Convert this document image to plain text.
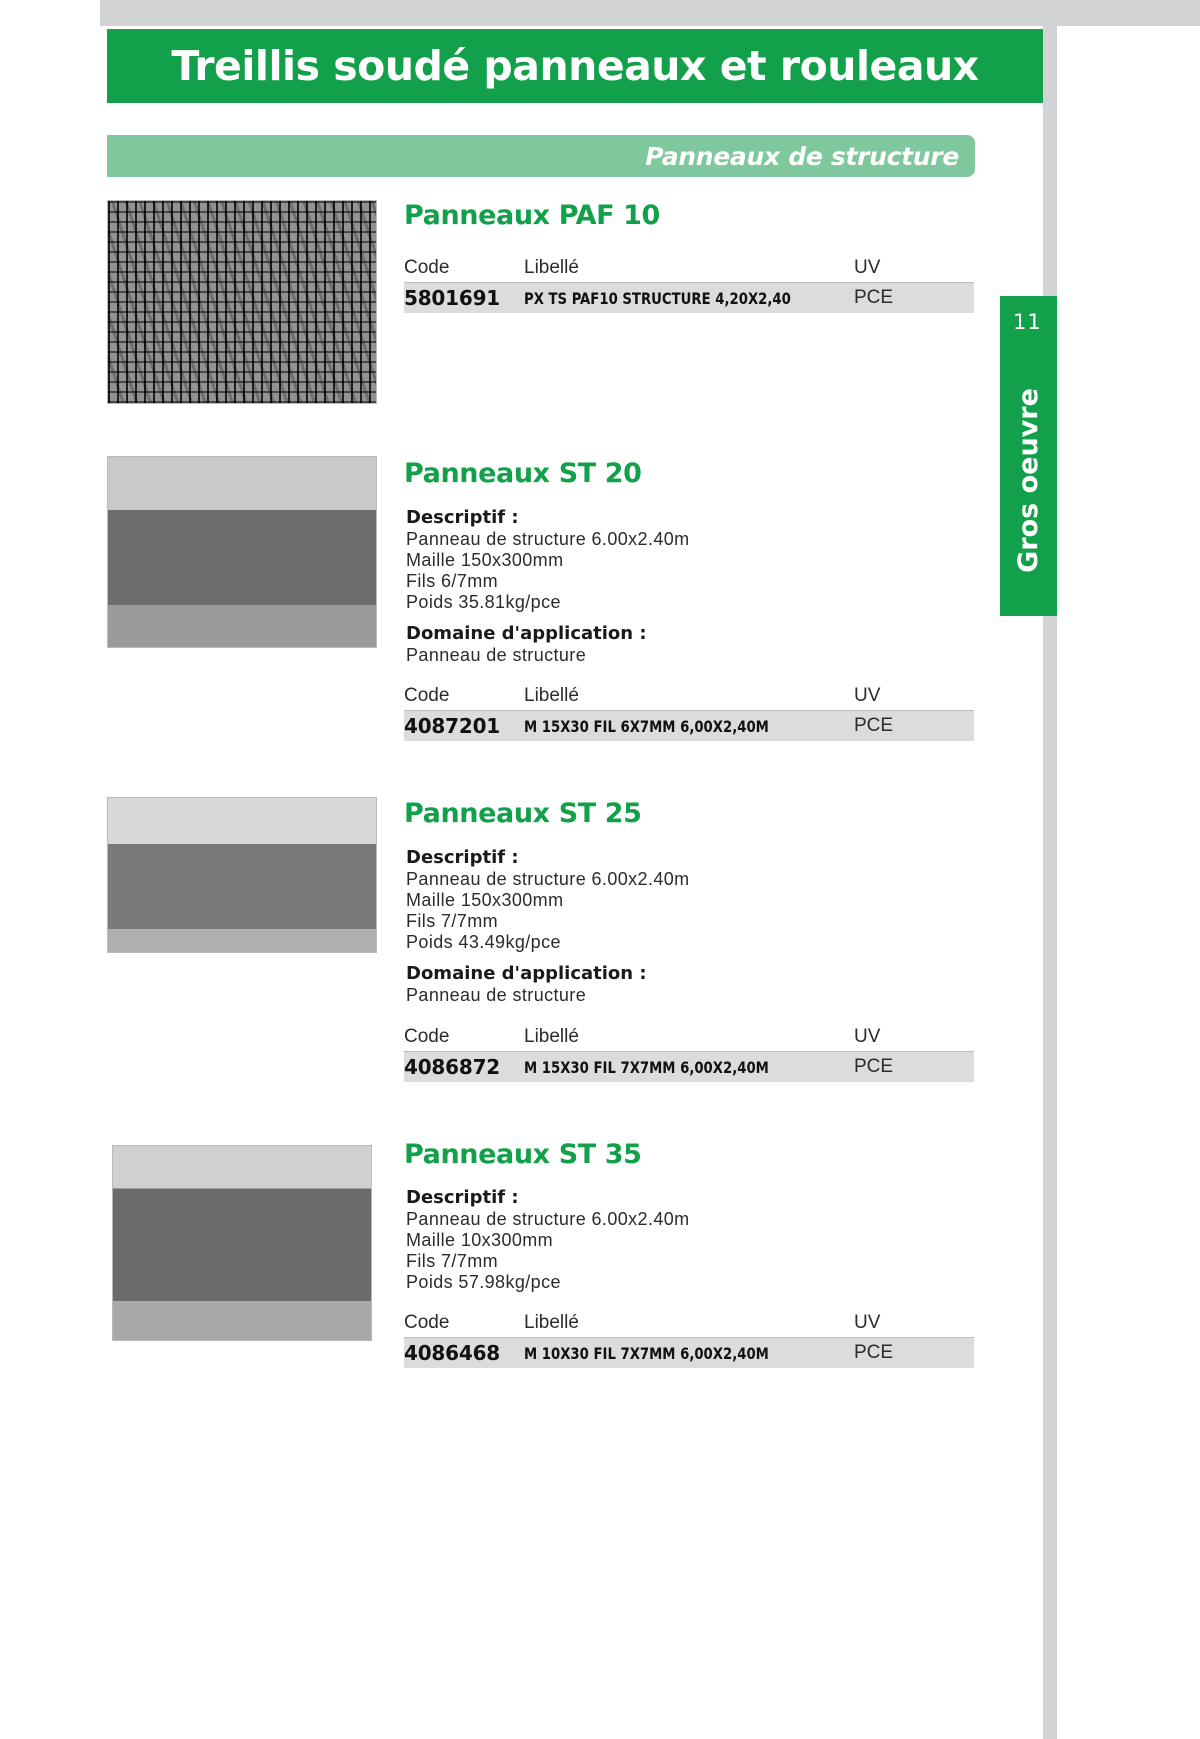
Treillis soudé panneaux et rouleaux
Panneaux de structure
11
Gros oeuvre
Panneaux PAF 10
Code	Libellé	UV
5801691	PX TS PAF10 STRUCTURE 4,20X2,40	PCE
Panneaux ST 20
Descriptif :
Panneau de structure 6.00x2.40m
Maille 150x300mm
Fils 6/7mm
Poids 35.81kg/pce
Domaine d'application :
Panneau de structure
Code	Libellé	UV
4087201	M 15X30 FIL 6X7MM 6,00X2,40M	PCE
Panneaux ST 25
Descriptif :
Panneau de structure 6.00x2.40m
Maille 150x300mm
Fils 7/7mm
Poids 43.49kg/pce
Domaine d'application :
Panneau de structure
Code	Libellé	UV
4086872	M 15X30 FIL 7X7MM 6,00X2,40M	PCE
Panneaux ST 35
Descriptif :
Panneau de structure 6.00x2.40m
Maille 10x300mm
Fils 7/7mm
Poids 57.98kg/pce
Code	Libellé	UV
4086468	M 10X30 FIL 7X7MM 6,00X2,40M	PCE
